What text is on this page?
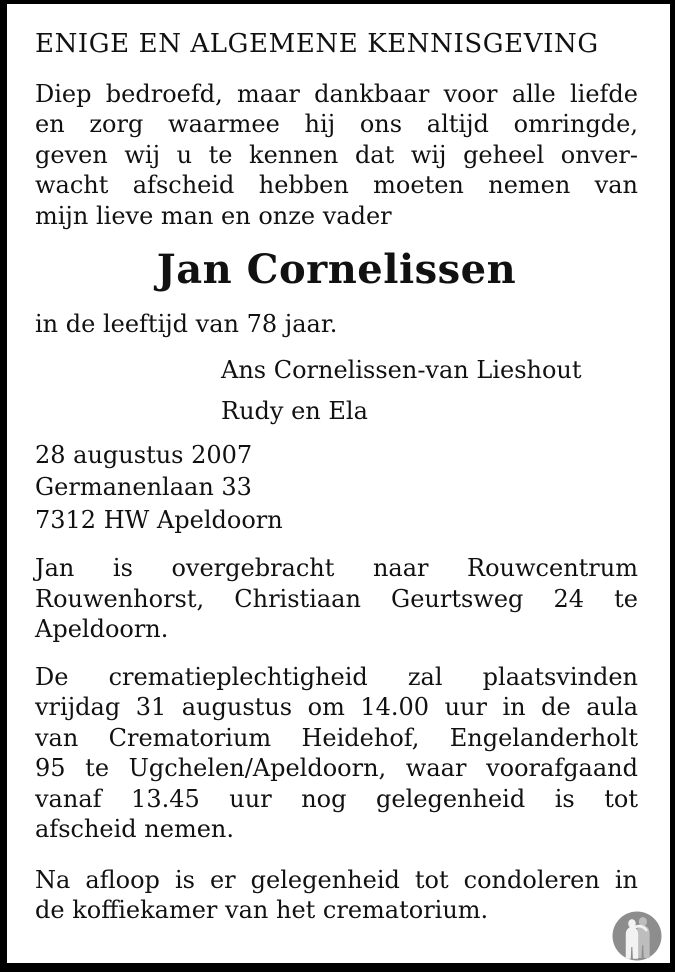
ENIGE EN ALGEMENE KENNISGEVING
Diep bedroefd, maar dankbaar voor alle liefde
en zorg waarmee hij ons altijd omringde,
geven wij u te kennen dat wij geheel onver-
wacht afscheid hebben moeten nemen van
mijn lieve man en onze vader
Jan Cornelissen
in de leeftijd van 78 jaar.
Ans Cornelissen-van Lieshout
Rudy en Ela
28 augustus 2007
Germanenlaan 33
7312 HW Apeldoorn
Jan is overgebracht naar Rouwcentrum
Rouwenhorst, Christiaan Geurtsweg 24 te
Apeldoorn.
De crematieplechtigheid zal plaatsvinden
vrijdag 31 augustus om 14.00 uur in de aula
van Crematorium Heidehof, Engelanderholt
95 te Ugchelen/Apeldoorn, waar voorafgaand
vanaf 13.45 uur nog gelegenheid is tot
afscheid nemen.
Na afloop is er gelegenheid tot condoleren in
de koffiekamer van het crematorium.
